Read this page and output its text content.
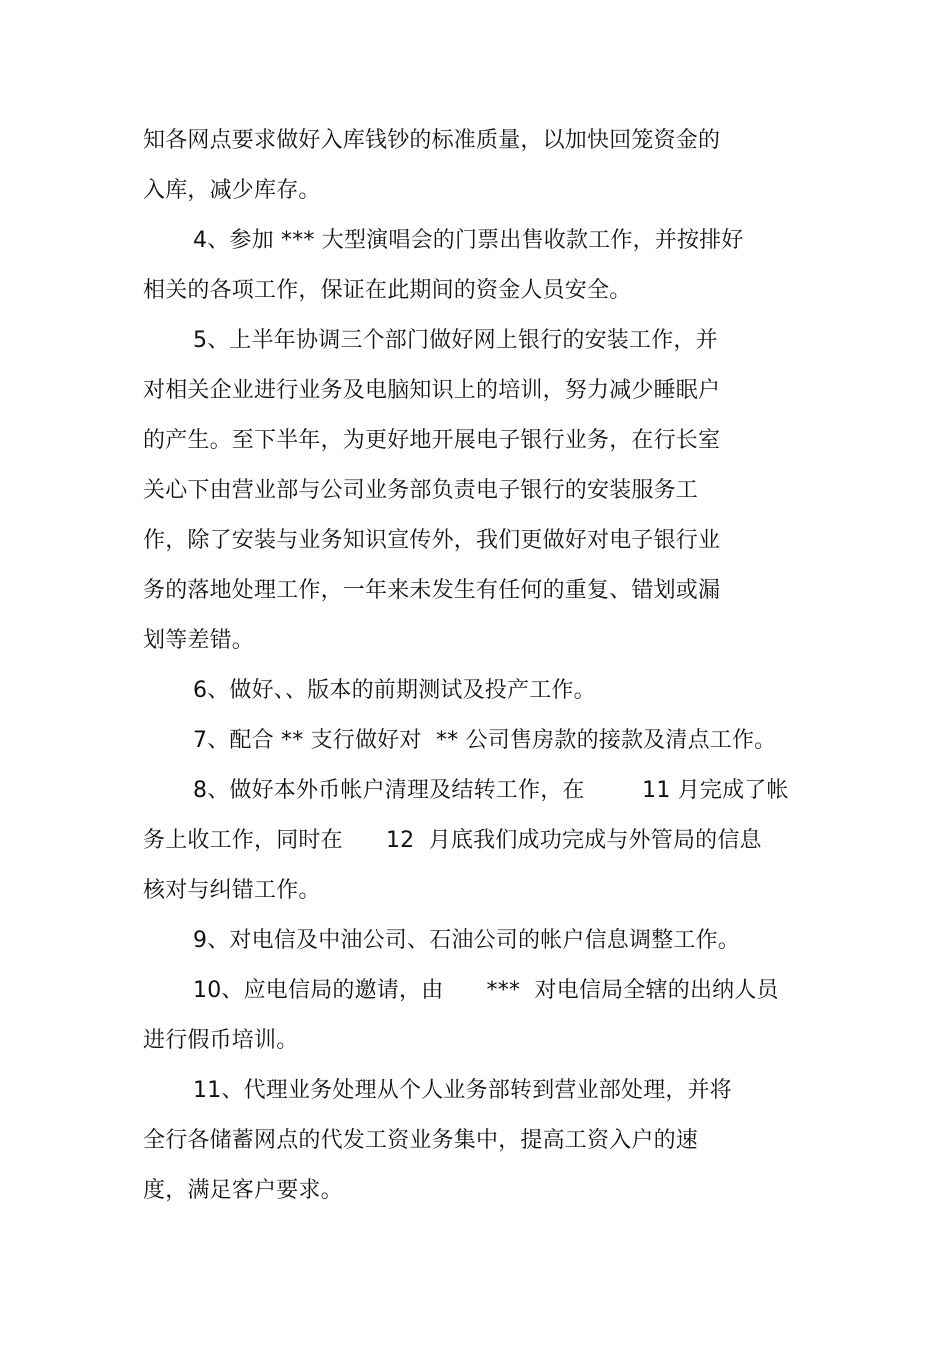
知各网点要求做好入库钱钞的标准质量，以加快回笼资金的
入库，减少库存。
4、参加 *** 大型演唱会的门票出售收款工作，并按排好
相关的各项工作，保证在此期间的资金人员安全。
5、上半年协调三个部门做好网上银行的安装工作，并
对相关企业进行业务及电脑知识上的培训，努力减少睡眠户
的产生。至下半年，为更好地开展电子银行业务，在行长室
关心下由营业部与公司业务部负责电子银行的安装服务工
作，除了安装与业务知识宣传外，我们更做好对电子银行业
务的落地处理工作，一年来未发生有任何的重复、错划或漏
划等差错。
6、做好、、版本的前期测试及投产工作。
7、配合 ** 支行做好对  ** 公司售房款的接款及清点工作。
8、做好本外币帐户清理及结转工作，在        11 月完成了帐
务上收工作，同时在      12  月底我们成功完成与外管局的信息
核对与纠错工作。
9、对电信及中油公司、石油公司的帐户信息调整工作。
10、应电信局的邀请，由      ***  对电信局全辖的出纳人员
进行假币培训。
11、代理业务处理从个人业务部转到营业部处理，并将
全行各储蓄网点的代发工资业务集中，提高工资入户的速
度，满足客户要求。
